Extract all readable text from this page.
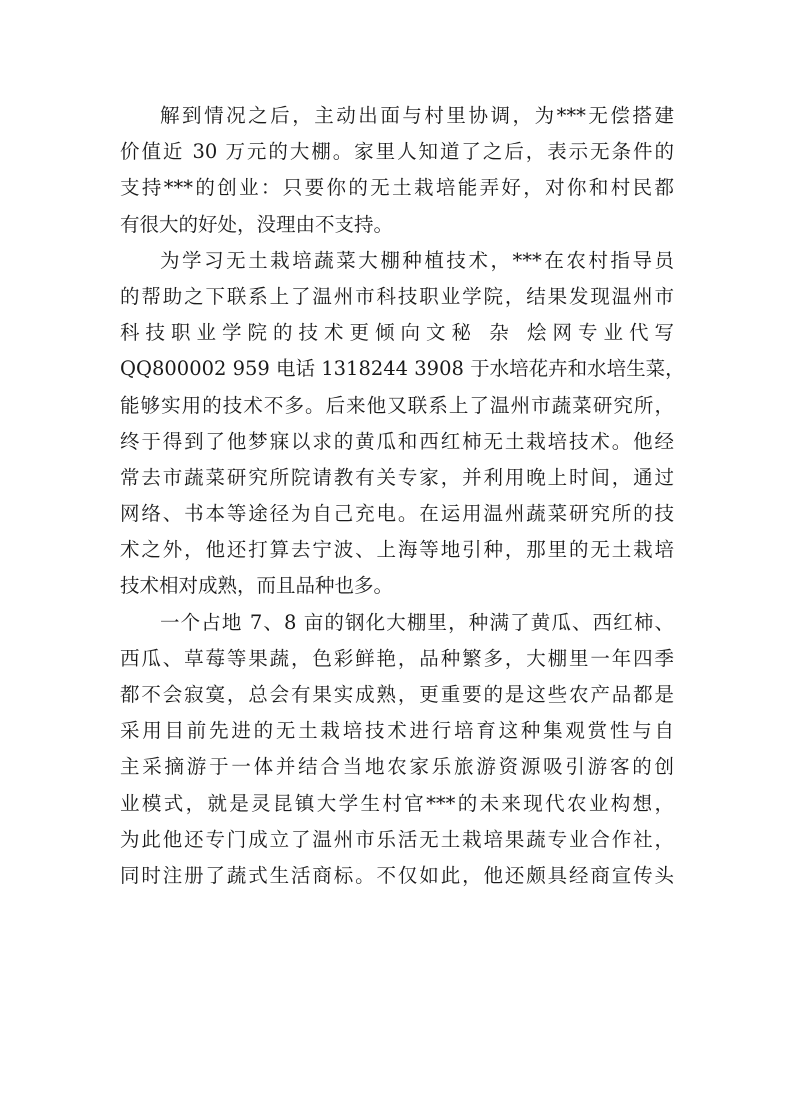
解到情况之后，主动出面与村里协调，为***无偿搭建
价值近 30 万元的大棚。家里人知道了之后，表示无条件的
支持***的创业：只要你的无土栽培能弄好，对你和村民都
有很大的好处，没理由不支持。
为学习无土栽培蔬菜大棚种植技术，***在农村指导员
的帮助之下联系上了温州市科技职业学院，结果发现温州市
科技职业学院的技术更倾向文秘 杂 烩网专业代写
QQ800002 959 电话 1318244 3908 于水培花卉和水培生菜，
能够实用的技术不多。后来他又联系上了温州市蔬菜研究所，
终于得到了他梦寐以求的黄瓜和西红柿无土栽培技术。他经
常去市蔬菜研究所院请教有关专家，并利用晚上时间，通过
网络、书本等途径为自己充电。在运用温州蔬菜研究所的技
术之外，他还打算去宁波、上海等地引种，那里的无土栽培
技术相对成熟，而且品种也多。
一个占地 7、8 亩的钢化大棚里，种满了黄瓜、西红柿、
西瓜、草莓等果蔬，色彩鲜艳，品种繁多，大棚里一年四季
都不会寂寞，总会有果实成熟，更重要的是这些农产品都是
采用目前先进的无土栽培技术进行培育这种集观赏性与自
主采摘游于一体并结合当地农家乐旅游资源吸引游客的创
业模式，就是灵昆镇大学生村官***的未来现代农业构想，
为此他还专门成立了温州市乐活无土栽培果蔬专业合作社，
同时注册了蔬式生活商标。不仅如此，他还颇具经商宣传头
